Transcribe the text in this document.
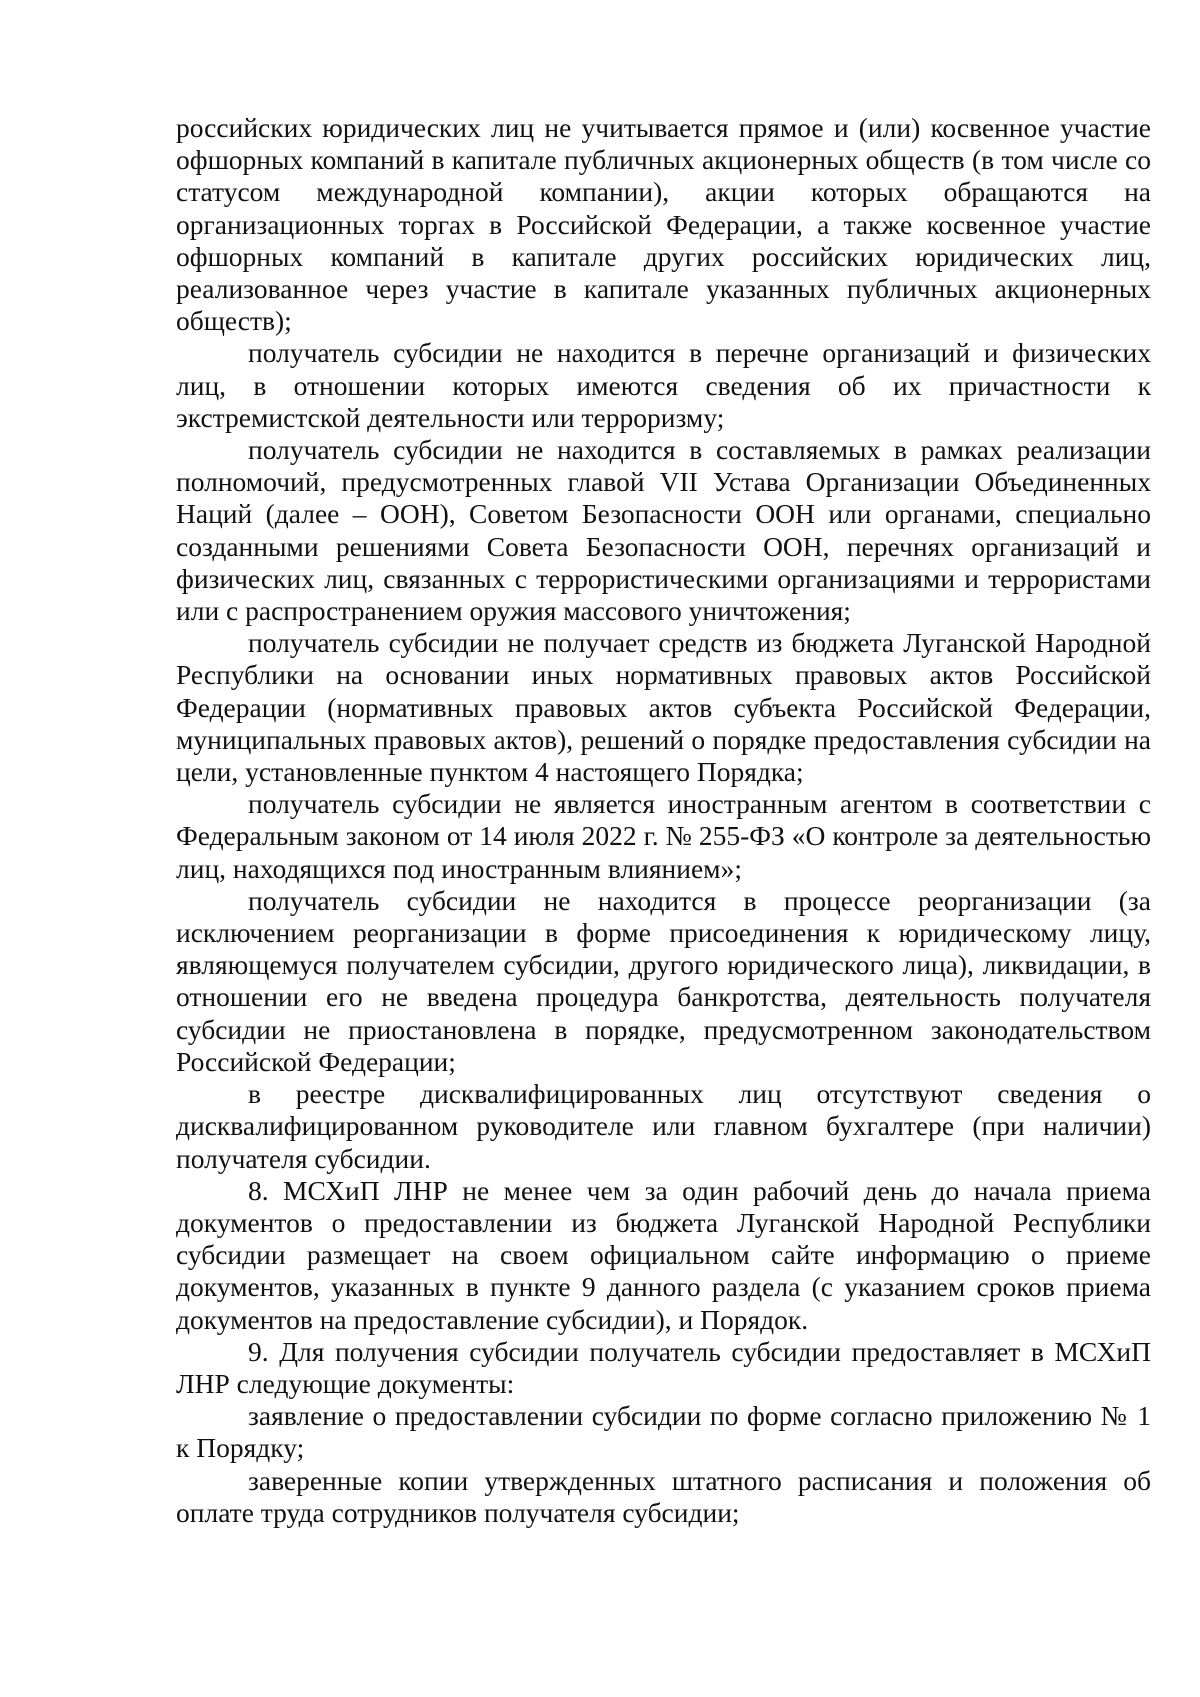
российских юридических лиц не учитывается прямое и (или) косвенное участие офшорных компаний в капитале публичных акционерных обществ (в том числе со статусом международной компании), акции которых обращаются на организационных торгах в Российской Федерации, а также косвенное участие офшорных компаний в капитале других российских юридических лиц, реализованное через участие в капитале указанных публичных акционерных обществ);

получатель субсидии не находится в перечне организаций и физических лиц, в отношении которых имеются сведения об их причастности к экстремистской деятельности или терроризму;

получатель субсидии не находится в составляемых в рамках реализации полномочий, предусмотренных главой VII Устава Организации Объединенных Наций (далее – ООН), Советом Безопасности ООН или органами, специально созданными решениями Совета Безопасности ООН, перечнях организаций и физических лиц, связанных с террористическими организациями и террористами или с распространением оружия массового уничтожения;

получатель субсидии не получает средств из бюджета Луганской Народной Республики на основании иных нормативных правовых актов Российской Федерации (нормативных правовых актов субъекта Российской Федерации, муниципальных правовых актов), решений о порядке предоставления субсидии на цели, установленные пунктом 4 настоящего Порядка;

получатель субсидии не является иностранным агентом в соответствии с Федеральным законом от 14 июля 2022 г. № 255-ФЗ «О контроле за деятельностью лиц, находящихся под иностранным влиянием»;

получатель субсидии не находится в процессе реорганизации (за исключением реорганизации в форме присоединения к юридическому лицу, являющемуся получателем субсидии, другого юридического лица), ликвидации, в отношении его не введена процедура банкротства, деятельность получателя субсидии не приостановлена в порядке, предусмотренном законодательством Российской Федерации;

в реестре дисквалифицированных лиц отсутствуют сведения о дисквалифицированном руководителе или главном бухгалтере (при наличии) получателя субсидии.

8. МСХиП ЛНР не менее чем за один рабочий день до начала приема документов о предоставлении из бюджета Луганской Народной Республики субсидии размещает на своем официальном сайте информацию о приеме документов, указанных в пункте 9 данного раздела (с указанием сроков приема документов на предоставление субсидии), и Порядок.

9. Для получения субсидии получатель субсидии предоставляет в МСХиП ЛНР следующие документы:

заявление о предоставлении субсидии по форме согласно приложению № 1 к Порядку;

заверенные копии утвержденных штатного расписания и положения об оплате труда сотрудников получателя субсидии;
